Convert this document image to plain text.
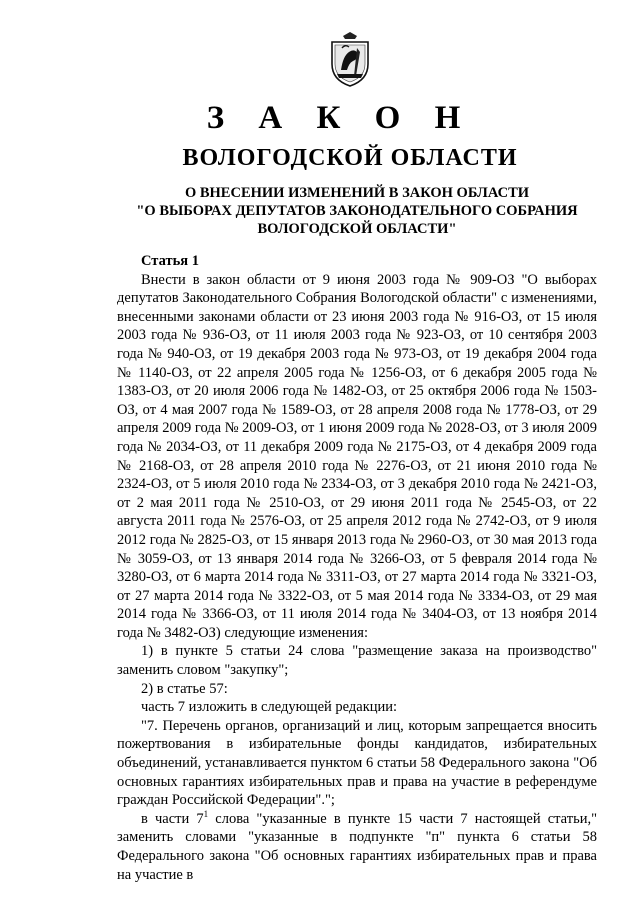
З А К О Н
ВОЛОГОДСКОЙ ОБЛАСТИ
О ВНЕСЕНИИ ИЗМЕНЕНИЙ В ЗАКОН ОБЛАСТИ
"О ВЫБОРАХ ДЕПУТАТОВ ЗАКОНОДАТЕЛЬНОГО СОБРАНИЯ
ВОЛОГОДСКОЙ ОБЛАСТИ"

Статья 1

Внести в закон области от 9 июня 2003 года № 909-ОЗ "О выборах депутатов Законодательного Собрания Вологодской области" с изменениями, внесенными законами области от 23 июня 2003 года № 916-ОЗ, от 15 июля 2003 года № 936-ОЗ, от 11 июля 2003 года № 923-ОЗ, от 10 сентября 2003 года № 940-ОЗ, от 19 декабря 2003 года № 973-ОЗ, от 19 декабря 2004 года № 1140-ОЗ, от 22 апреля 2005 года № 1256-ОЗ, от 6 декабря 2005 года № 1383-ОЗ, от 20 июля 2006 года № 1482-ОЗ, от 25 октября 2006 года № 1503-ОЗ, от 4 мая 2007 года № 1589-ОЗ, от 28 апреля 2008 года № 1778-ОЗ, от 29 апреля 2009 года № 2009-ОЗ, от 1 июня 2009 года № 2028-ОЗ, от 3 июля 2009 года № 2034-ОЗ, от 11 декабря 2009 года № 2175-ОЗ, от 4 декабря 2009 года № 2168-ОЗ, от 28 апреля 2010 года № 2276-ОЗ, от 21 июня 2010 года № 2324-ОЗ, от 5 июля 2010 года № 2334-ОЗ, от 3 декабря 2010 года № 2421-ОЗ, от 2 мая 2011 года № 2510-ОЗ, от 29 июня 2011 года № 2545-ОЗ, от 22 августа 2011 года № 2576-ОЗ, от 25 апреля 2012 года № 2742-ОЗ, от 9 июля 2012 года № 2825-ОЗ, от 15 января 2013 года № 2960-ОЗ, от 30 мая 2013 года № 3059-ОЗ, от 13 января 2014 года № 3266-ОЗ, от 5 февраля 2014 года № 3280-ОЗ, от 6 марта 2014 года № 3311-ОЗ, от 27 марта 2014 года № 3321-ОЗ, от 27 марта 2014 года № 3322-ОЗ, от 5 мая 2014 года № 3334-ОЗ, от 29 мая 2014 года № 3366-ОЗ, от 11 июля 2014 года № 3404-ОЗ, от 13 ноября 2014 года № 3482-ОЗ) следующие изменения:

1) в пункте 5 статьи 24 слова "размещение заказа на производство" заменить словом "закупку";

2) в статье 57:

часть 7 изложить в следующей редакции:

"7. Перечень органов, организаций и лиц, которым запрещается вносить пожертвования в избирательные фонды кандидатов, избирательных объединений, устанавливается пунктом 6 статьи 58 Федерального закона "Об основных гарантиях избирательных прав и права на участие в референдуме граждан Российской Федерации".";

в части $7^1$ слова "указанные в пункте 15 части 7 настоящей статьи," заменить словами "указанные в подпункте "п" пункта 6 статьи 58 Федерального закона "Об основных гарантиях избирательных прав и права на участие в
